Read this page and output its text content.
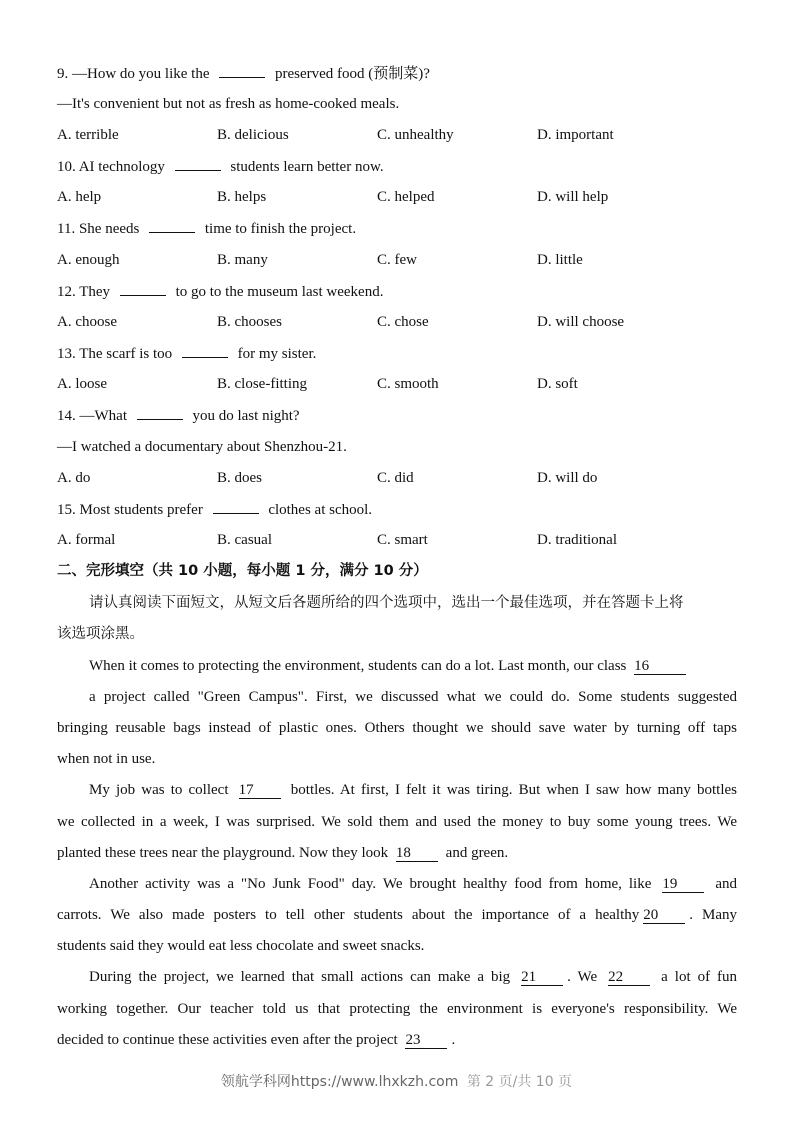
9. —How do you like the	preserved food (预制菜)?
—It's convenient but not as fresh as home-cooked meals.
A. terrible	B. delicious	C. unhealthy	D. important
10. AI technology	students learn better now.
A. help	B. helps	C. helped	D. will help
11. She needs	time to finish the project.
A. enough	B. many	C. few	D. little
12. They	to go to the museum last weekend.
A. choose	B. chooses	C. chose	D. will choose
13. The scarf is too	for my sister.
A. loose	B. close-fitting	C. smooth	D. soft
14. —What	you do last night?
—I watched a documentary about Shenzhou-21.
A. do	B. does	C. did	D. will do
15. Most students prefer	clothes at school.
A. formal	B. casual	C. smart	D. traditional
二、完形填空（共 10 小题，每小题 1 分，满分 10 分）
请认真阅读下面短文，从短文后各题所给的四个选项中，选出一个最佳选项，并在答题卡上将
该选项涂黑。
When it comes to protecting the environment, students can do a lot. Last month, our class 16
a project called "Green Campus". First, we discussed what we could do. Some students suggested
bringing reusable bags instead of plastic ones. Others thought we should save water by turning off taps
when not in use.
My job was to collect 17 bottles. At first, I felt it was tiring. But when I saw how many bottles
we collected in a week, I was surprised. We sold them and used the money to buy some young trees. We
planted these trees near the playground. Now they look 18 and green.
Another activity was a "No Junk Food" day. We brought healthy food from home, like 19	and
carrots. We also made posters to tell other students about the importance of a healthy 20 . Many
students said they would eat less chocolate and sweet snacks.
During the project, we learned that small actions can make a big 21 . We 22	a lot of fun
working together. Our teacher told us that protecting the environment is everyone's responsibility. We
decided to continue these activities even after the project 23 .
领航学科网https://www.lhxkzh.com 第 2 页/共 10 页
